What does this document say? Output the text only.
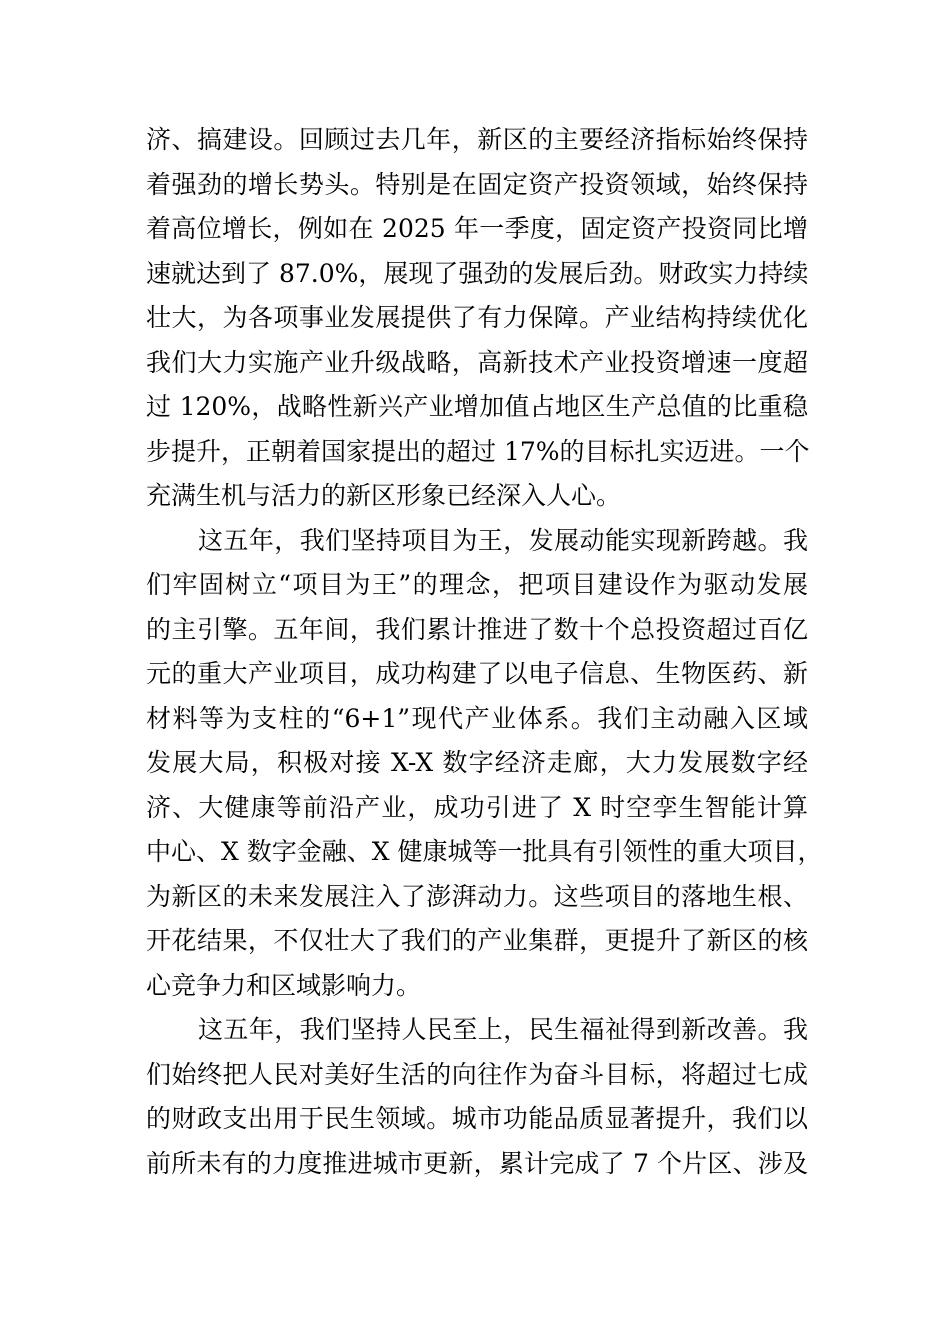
济、搞建设。回顾过去几年，新区的主要经济指标始终保持
着强劲的增长势头。特别是在固定资产投资领域，始终保持
着高位增长，例如在 2025 年一季度，固定资产投资同比增
速就达到了 87.0%，展现了强劲的发展后劲。财政实力持续
壮大，为各项事业发展提供了有力保障。产业结构持续优化
我们大力实施产业升级战略，高新技术产业投资增速一度超
过 120%，战略性新兴产业增加值占地区生产总值的比重稳
步提升，正朝着国家提出的超过 17%的目标扎实迈进。一个
充满生机与活力的新区形象已经深入人心。
这五年，我们坚持项目为王，发展动能实现新跨越。我
们牢固树立“项目为王”的理念，把项目建设作为驱动发展
的主引擎。五年间，我们累计推进了数十个总投资超过百亿
元的重大产业项目，成功构建了以电子信息、生物医药、新
材料等为支柱的“6+1”现代产业体系。我们主动融入区域
发展大局，积极对接 X-X 数字经济走廊，大力发展数字经
济、大健康等前沿产业，成功引进了 X 时空孪生智能计算
中心、X 数字金融、X 健康城等一批具有引领性的重大项目，
为新区的未来发展注入了澎湃动力。这些项目的落地生根、
开花结果，不仅壮大了我们的产业集群，更提升了新区的核
心竞争力和区域影响力。
这五年，我们坚持人民至上，民生福祉得到新改善。我
们始终把人民对美好生活的向往作为奋斗目标，将超过七成
的财政支出用于民生领域。城市功能品质显著提升，我们以
前所未有的力度推进城市更新，累计完成了 7 个片区、涉及
